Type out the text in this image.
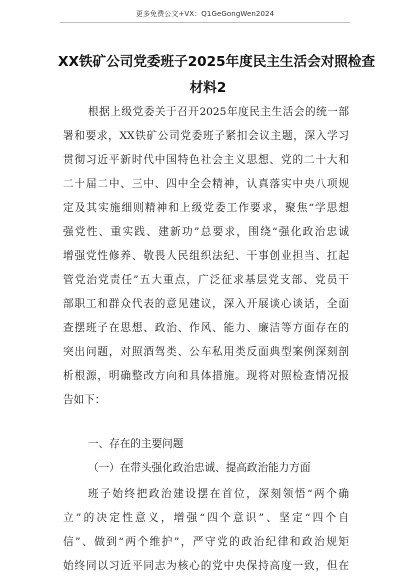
更多免费公文+VX：Q1GeGongWen2024
XX铁矿公司党委班子2025年度民主生活会对照检查
材料2
根据上级党委关于召开2025年度民主生活会的统一部
署和要求，XX铁矿公司党委班子紧扣会议主题，深入学习
贯彻习近平新时代中国特色社会主义思想、党的二十大和
二十届二中、三中、四中全会精神，认真落实中央八项规
定及其实施细则精神和上级党委工作要求，聚焦“学思想
强党性、重实践、建新功”总要求，围绕“强化政治忠诚
增强党性修养、敬畏人民组织法纪、干事创业担当、扛起
管党治党责任”五大重点，广泛征求基层党支部、党员干
部职工和群众代表的意见建议，深入开展谈心谈话，全面
查摆班子在思想、政治、作风、能力、廉洁等方面存在的
突出问题，对照酒驾类、公车私用类反面典型案例深刻剖
析根源，明确整改方向和具体措施。现将对照检查情况报
告如下：
一、存在的主要问题
（一）在带头强化政治忠诚、提高政治能力方面
班子始终把政治建设摆在首位，深刻领悟“两个确
立”的决定性意义，增强“四个意识”、坚定“四个自
信”、做到“两个维护”，严守党的政治纪律和政治规矩
始终同以习近平同志为核心的党中央保持高度一致，但在
